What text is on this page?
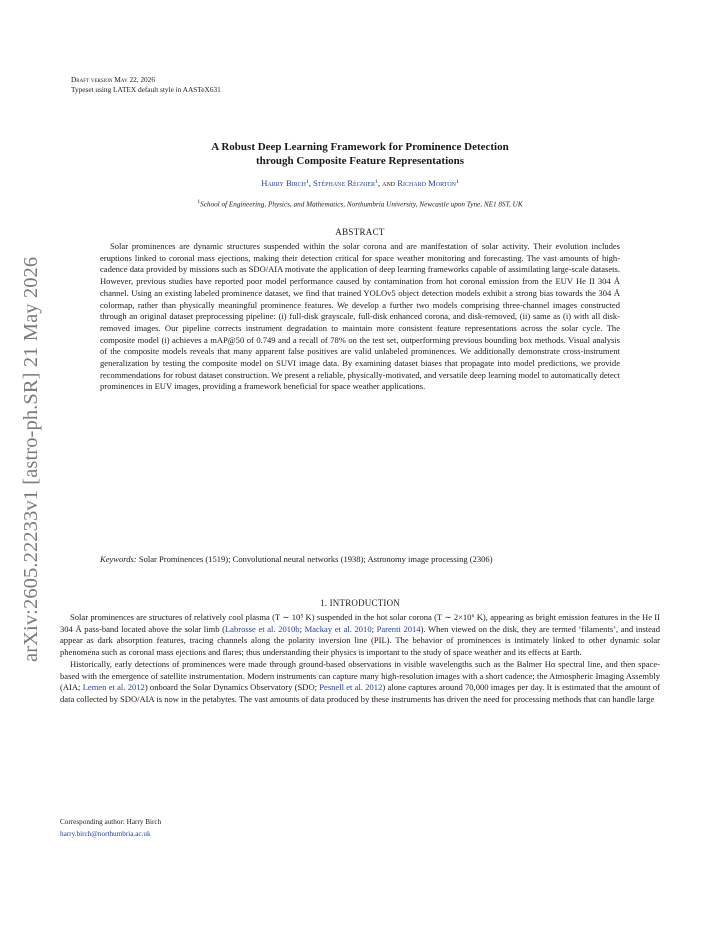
arXiv:2605.22233v1 [astro-ph.SR] 21 May 2026
Draft version May 22, 2026
Typeset using LATEX default style in AASTeX631
A Robust Deep Learning Framework for Prominence Detection
through Composite Feature Representations
Harry Birch$^1$, Stéphane Régnier$^1$, and Richard Morton$^1$
$^1$School of Engineering, Physics, and Mathematics, Northumbria University, Newcastle upon Tyne, NE1 8ST, UK
ABSTRACT
Solar prominences are dynamic structures suspended within the solar corona and are manifestation of solar activity. Their evolution includes eruptions linked to coronal mass ejections, making their detection critical for space weather monitoring and forecasting. The vast amounts of high-cadence data provided by missions such as SDO/AIA motivate the application of deep learning frameworks capable of assimilating large-scale datasets. However, previous studies have reported poor model performance caused by contamination from hot coronal emission from the EUV He II 304 Å channel. Using an existing labeled prominence dataset, we find that trained YOLOv5 object detection models exhibit a strong bias towards the 304 Å colormap, rather than physically meaningful prominence features. We develop a further two models comprising three-channel images constructed through an original dataset preprocessing pipeline: (i) full-disk grayscale, full-disk enhanced corona, and disk-removed, (ii) same as (i) with all disk-removed images. Our pipeline corrects instrument degradation to maintain more consistent feature representations across the solar cycle. The composite model (i) achieves a mAP@50 of 0.749 and a recall of 78% on the test set, outperforming previous bounding box methods. Visual analysis of the composite models reveals that many apparent false positives are valid unlabeled prominences. We additionally demonstrate cross-instrument generalization by testing the composite model on SUVI image data. By examining dataset biases that propagate into model predictions, we provide recommendations for robust dataset construction. We present a reliable, physically-motivated, and versatile deep learning model to automatically detect prominences in EUV images, providing a framework beneficial for space weather applications.
Keywords: Solar Prominences (1519); Convolutional neural networks (1938); Astronomy image processing (2306)
1. INTRODUCTION

Solar prominences are structures of relatively cool plasma (T ∼ 10⁵ K) suspended in the hot solar corona (T ∼ 2×10⁶ K), appearing as bright emission features in the He II 304 Å pass-band located above the solar limb (Labrosse et al. 2010b; Mackay et al. 2010; Parenti 2014). When viewed on the disk, they are termed ‘filaments’, and instead appear as dark absorption features, tracing channels along the polarity inversion line (PIL). The behavior of prominences is intimately linked to other dynamic solar phenomena such as coronal mass ejections and flares; thus understanding their physics is important to the study of space weather and its effects at Earth.

Historically, early detections of prominences were made through ground-based observations in visible wavelengths such as the Balmer Hα spectral line, and then space-based with the emergence of satellite instrumentation. Modern instruments can capture many high-resolution images with a short cadence; the Atmospheric Imaging Assembly (AIA; Lemen et al. 2012) onboard the Solar Dynamics Observatory (SDO; Pesnell et al. 2012) alone captures around 70,000 images per day. It is estimated that the amount of data collected by SDO/AIA is now in the petabytes. The vast amounts of data produced by these instruments has driven the need for processing methods that can handle large

Corresponding author: Harry Birch
harry.birch@northumbria.ac.uk
